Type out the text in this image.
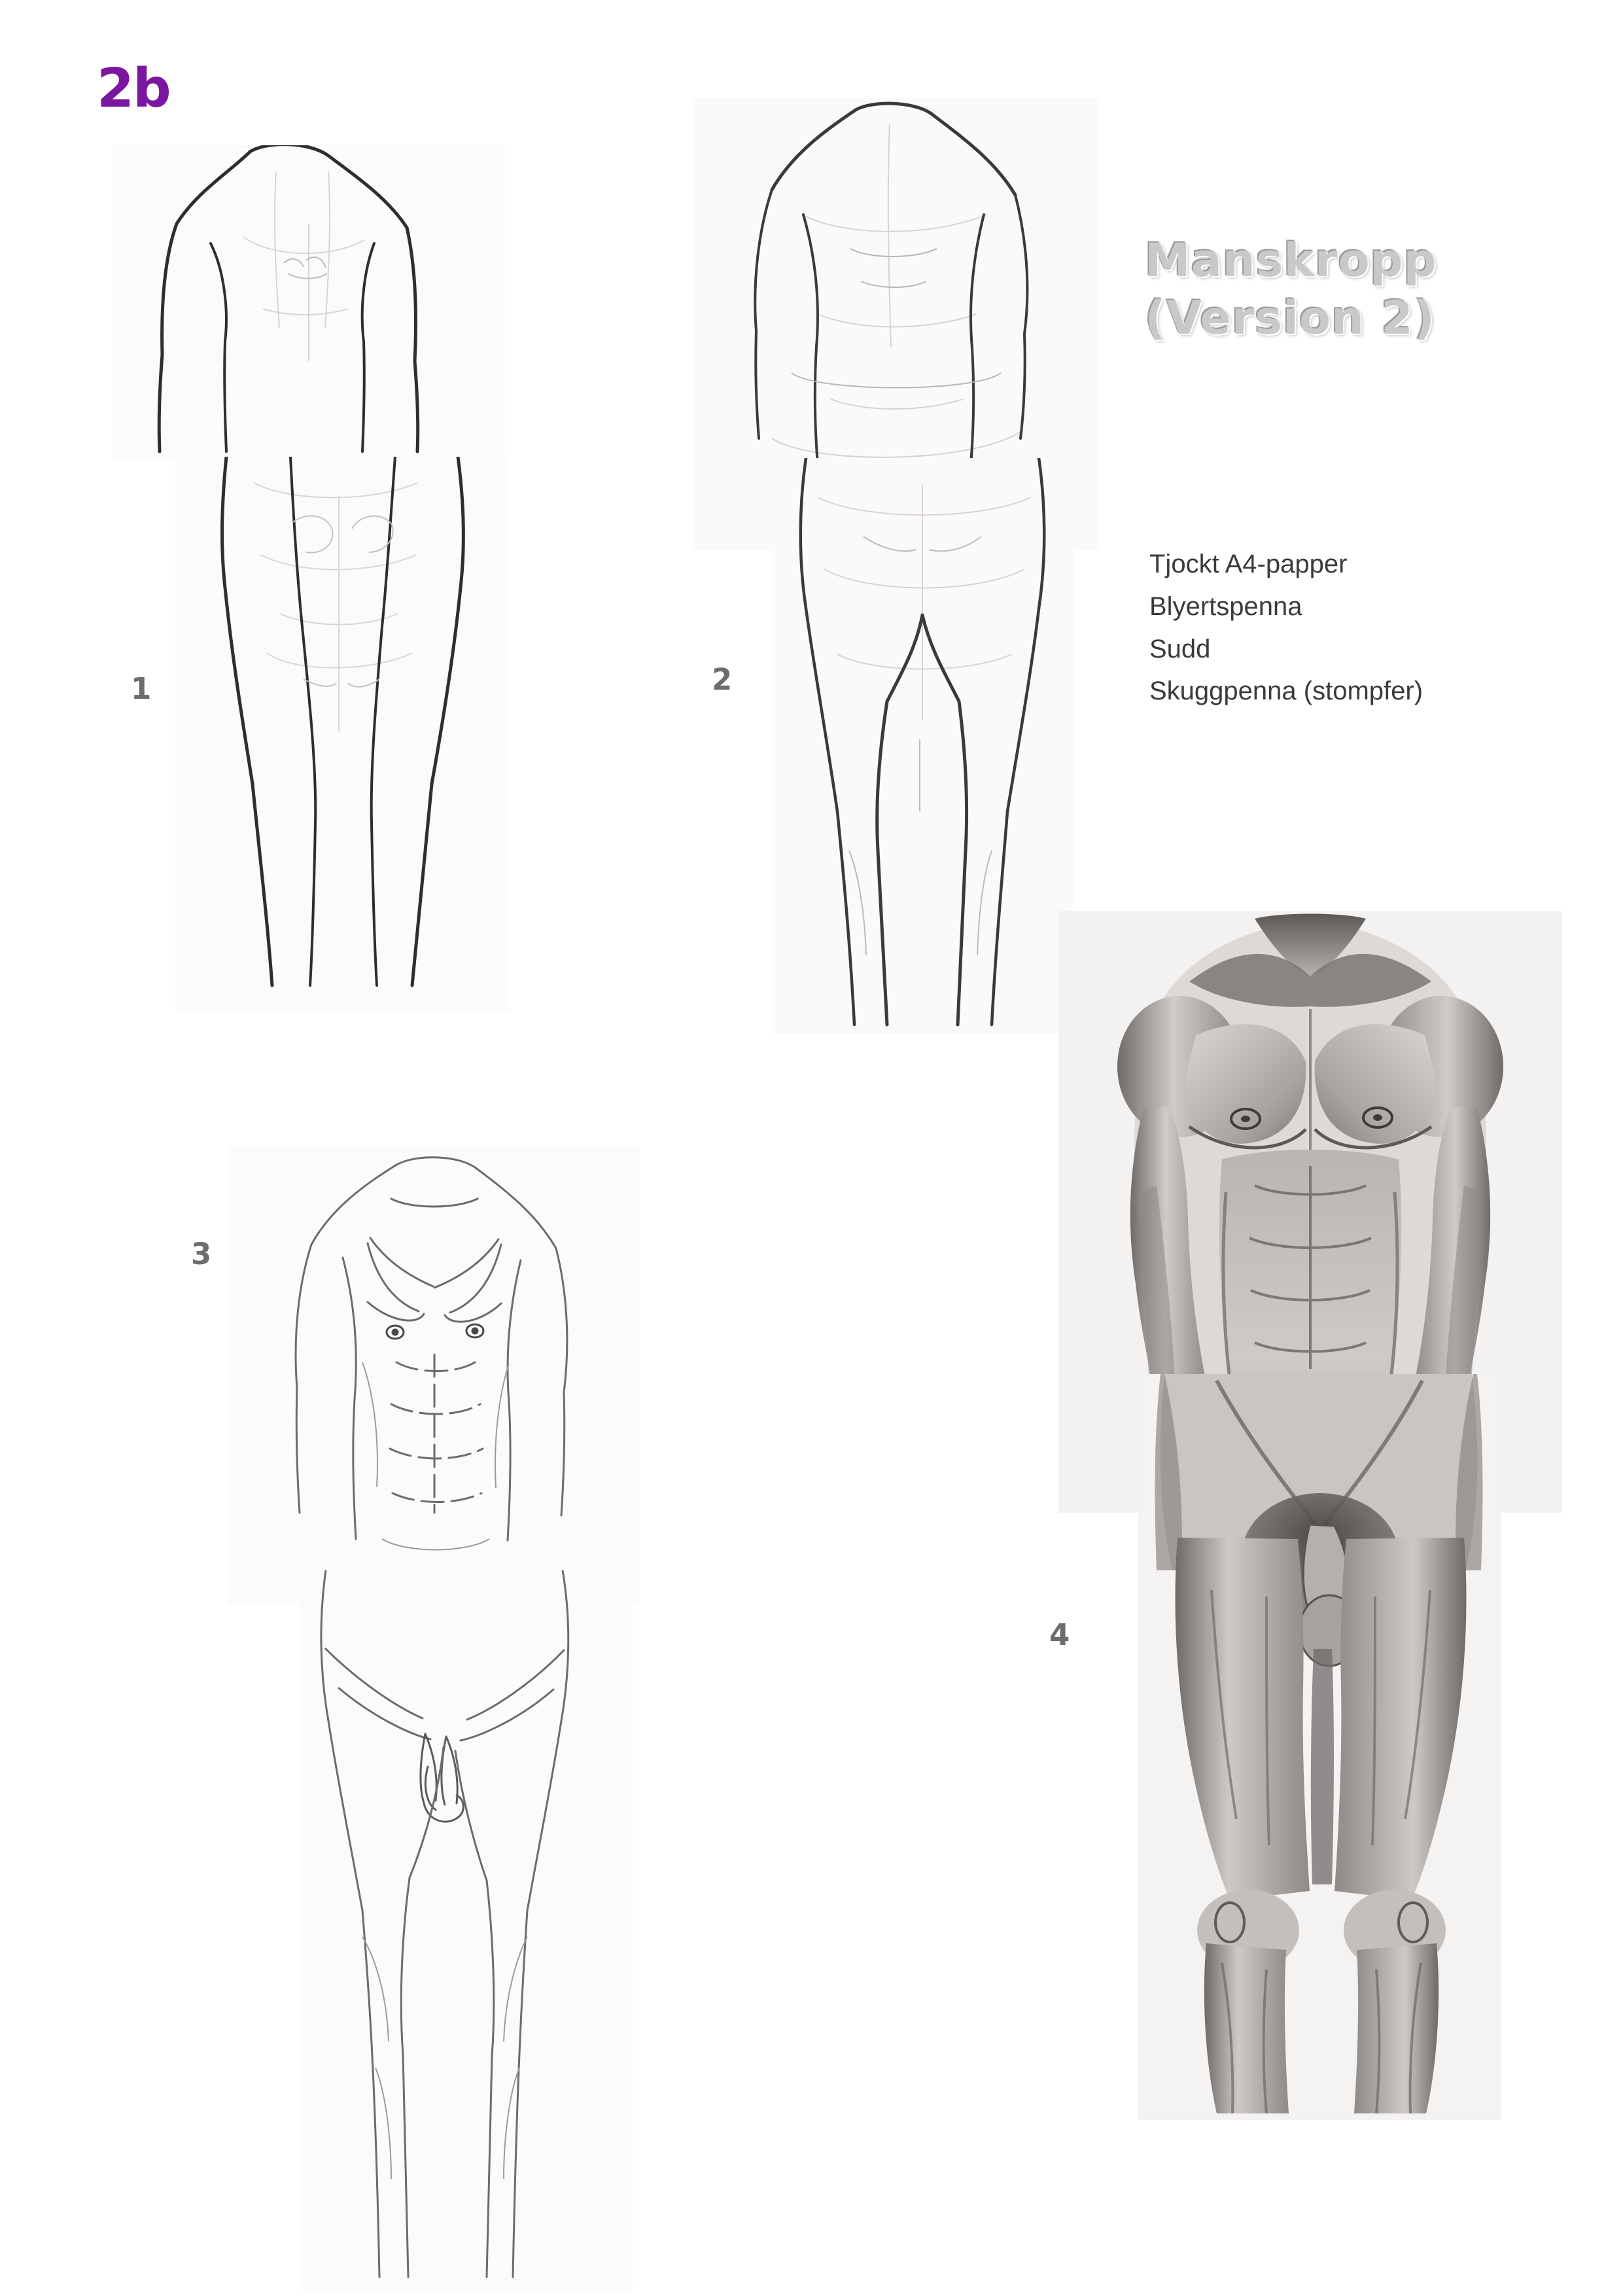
2b
Manskropp
(Version 2)
Tjockt A4-papper
Blyertspenna
Sudd
Skuggpenna (stompfer)
1	2
3
4
